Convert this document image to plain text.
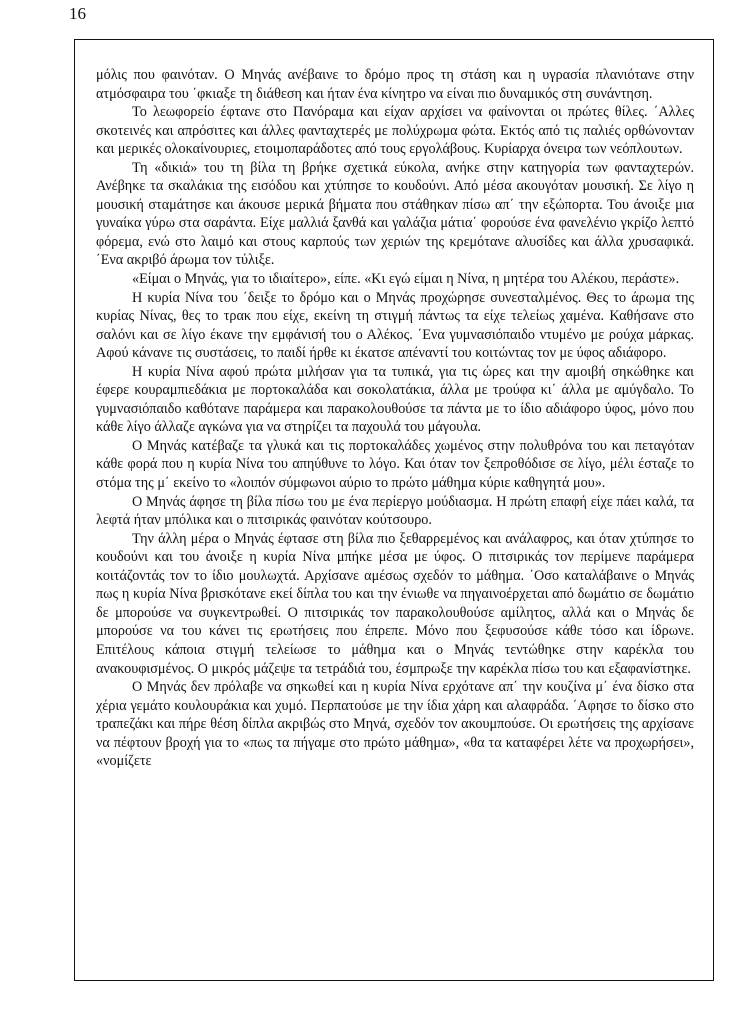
16

μόλις που φαινόταν. Ο Μηνάς ανέβαινε το δρόμο προς τη στάση και η υγρασία πλανιότανε στην ατμόσφαιρα του ΄φκιαξε τη διάθεση και ήταν ένα κίνητρο να είναι πιο δυναμικός στη συνάντηση.

Το λεωφορείο έφτανε στο Πανόραμα και είχαν αρχίσει να φαίνονται οι πρώτες θίλες. ΄Αλλες σκοτεινές και απρόσιτες και άλλες φανταχτερές με πολύχρωμα φώτα. Εκτός από τις παλιές ορθώνονταν και μερικές ολοκαίνουριες, ετοιμοπαράδοτες από τους εργολάβους. Κυρίαρχα όνειρα των νεόπλουτων.

Τη «δικιά» του τη βίλα τη βρήκε σχετικά εύκολα, ανήκε στην κατηγορία των φανταχτερών. Ανέβηκε τα σκαλάκια της εισόδου και χτύπησε το κουδούνι. Από μέσα ακουγόταν μουσική. Σε λίγο η μουσική σταμάτησε και άκουσε μερικά βήματα που στάθηκαν πίσω απ΄ την εξώπορτα. Του άνοιξε μια γυναίκα γύρω στα σαράντα. Είχε μαλλιά ξανθά και γαλάζια μάτια΄ φορούσε ένα φανελένιο γκρίζο λεπτό φόρεμα, ενώ στο λαιμό και στους καρπούς των χεριών της κρεμότανε αλυσίδες και άλλα χρυσαφικά. ΄Ενα ακριβό άρωμα τον τύλιξε.

«Είμαι ο Μηνάς, για το ιδιαίτερο», είπε. «Κι εγώ είμαι η Νίνα, η μητέρα του Αλέκου, περάστε».

Η κυρία Νίνα του ΄δειξε το δρόμο και ο Μηνάς προχώρησε συνεσταλμένος. Θες το άρωμα της κυρίας Νίνας, θες το τρακ που είχε, εκείνη τη στιγμή πάντως τα είχε τελείως χαμένα. Καθήσανε στο σαλόνι και σε λίγο έκανε την εμφάνισή του ο Αλέκος. ΄Ενα γυμνασιόπαιδο ντυμένο με ρούχα μάρκας. Αφού κάνανε τις συστάσεις, το παιδί ήρθε κι έκατσε απέναντί του κοιτώντας τον με ύφος αδιάφορο.

Η κυρία Νίνα αφού πρώτα μιλήσαν για τα τυπικά, για τις ώρες και την αμοιβή σηκώθηκε και έφερε κουραμπιεδάκια με πορτοκαλάδα και σοκολατάκια, άλλα με τρούφα κι΄ άλλα με αμύγδαλο. Το γυμνασιόπαιδο καθότανε παράμερα και παρακολουθούσε τα πάντα με το ίδιο αδιάφορο ύφος, μόνο που κάθε λίγο άλλαζε αγκώνα για να στηρίζει τα παχουλά του μάγουλα.

Ο Μηνάς κατέβαζε τα γλυκά και τις πορτοκαλάδες χωμένος στην πολυθρόνα του και πεταγόταν κάθε φορά που η κυρία Νίνα του απηύθυνε το λόγο. Και όταν τον ξεπροθόδισε σε λίγο, μέλι έσταζε το στόμα της μ΄ εκείνο το «λοιπόν σύμφωνοι αύριο το πρώτο μάθημα κύριε καθηγητά μου».

Ο Μηνάς άφησε τη βίλα πίσω του με ένα περίεργο μούδιασμα. Η πρώτη επαφή είχε πάει καλά, τα λεφτά ήταν μπόλικα και ο πιτσιρικάς φαινόταν κούτσουρο.

Την άλλη μέρα ο Μηνάς έφτασε στη βίλα πιο ξεθαρρεμένος και ανάλαφρος, και όταν χτύπησε το κουδούνι και του άνοιξε η κυρία Νίνα μπήκε μέσα με ύφος. Ο πιτσιρικάς τον περίμενε παράμερα κοιτάζοντάς τον το ίδιο μουλωχτά. Αρχίσανε αμέσως σχεδόν το μάθημα. ΄Οσο καταλάβαινε ο Μηνάς πως η κυρία Νίνα βρισκότανε εκεί δίπλα του και την ένιωθε να πηγαινοέρχεται από δωμάτιο σε δωμάτιο δε μπορούσε να συγκεντρωθεί. Ο πιτσιρικάς τον παρακολουθούσε αμίλητος, αλλά και ο Μηνάς δε μπορούσε να του κάνει τις ερωτήσεις που έπρεπε. Μόνο που ξεφυσούσε κάθε τόσο και ίδρωνε. Επιτέλους κάποια στιγμή τελείωσε το μάθημα και ο Μηνάς τεντώθηκε στην καρέκλα του ανακουφισμένος. Ο μικρός μάζεψε τα τετράδιά του, έσμπρωξε την καρέκλα πίσω του και εξαφανίστηκε.

Ο Μηνάς δεν πρόλαβε να σηκωθεί και η κυρία Νίνα ερχότανε απ΄ την κουζίνα μ΄ ένα δίσκο στα χέρια γεμάτο κουλουράκια και χυμό. Περπατούσε με την ίδια χάρη και αλαφράδα. ΄Αφησε το δίσκο στο τραπεζάκι και πήρε θέση δίπλα ακριβώς στο Μηνά, σχεδόν τον ακουμπούσε. Οι ερωτήσεις της αρχίσανε να πέφτουν βροχή για το «πως τα πήγαμε στο πρώτο μάθημα», «θα τα καταφέρει λέτε να προχωρήσει», «νομίζετε
